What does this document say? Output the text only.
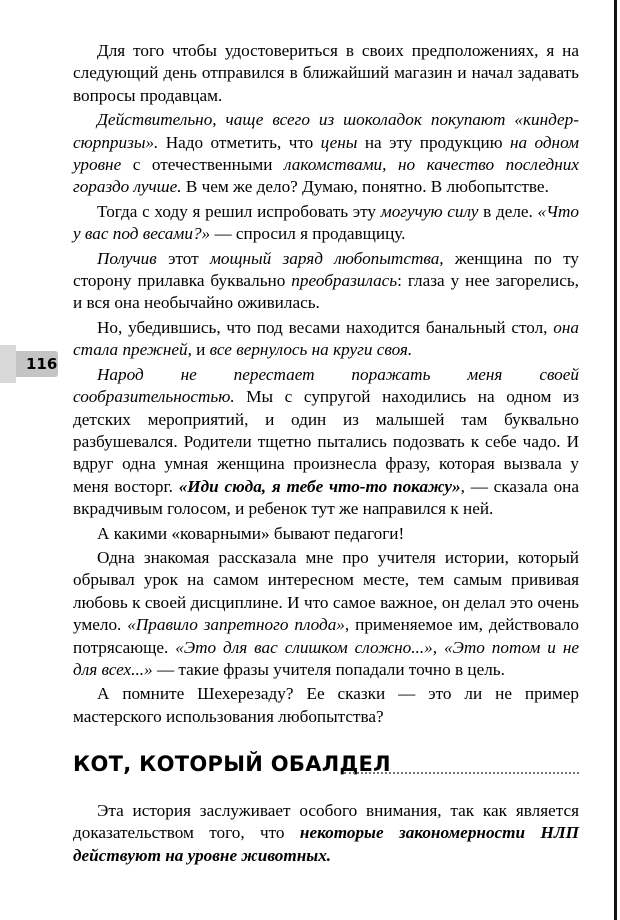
Для того чтобы удостовериться в своих предположениях, я на следующий день отправился в ближайший магазин и начал задавать вопросы продавцам.

Действительно, чаще всего из шоколадок покупают «киндер-сюрпризы». Надо отметить, что цены на эту продукцию на одном уровне с отечественными лакомствами, но качество последних гораздо лучше. В чем же дело? Думаю, понятно. В любопытстве.

Тогда с ходу я решил испробовать эту могучую силу в деле. «Что у вас под весами?» — спросил я продавщицу.

Получив этот мощный заряд любопытства, женщина по ту сторону прилавка буквально преобразилась: глаза у нее загорелись, и вся она необычайно оживилась.

Но, убедившись, что под весами находится банальный стол, она стала прежней, и все вернулось на круги своя.

Народ не перестает поражать меня своей сообразительностью. Мы с супругой находились на одном из детских мероприятий, и один из малышей там буквально разбушевался. Родители тщетно пытались подозвать к себе чадо. И вдруг одна умная женщина произнесла фразу, которая вызвала у меня восторг. «Иди сюда, я тебе что-то покажу», — сказала она вкрадчивым голосом, и ребенок тут же направился к ней.

А какими «коварными» бывают педагоги!

Одна знакомая рассказала мне про учителя истории, который обрывал урок на самом интересном месте, тем самым прививая любовь к своей дисциплине. И что самое важное, он делал это очень умело. «Правило запретного плода», применяемое им, действовало потрясающе. «Это для вас слишком сложно...», «Это потом и не для всех...» — такие фразы учителя попадали точно в цель.

А помните Шехерезаду? Ее сказки — это ли не пример мастерского использования любопытства?

116
КОТ, КОТОРЫЙ ОБАЛДЕЛ

Эта история заслуживает особого внимания, так как является доказательством того, что некоторые закономерности НЛП действуют на уровне животных.
